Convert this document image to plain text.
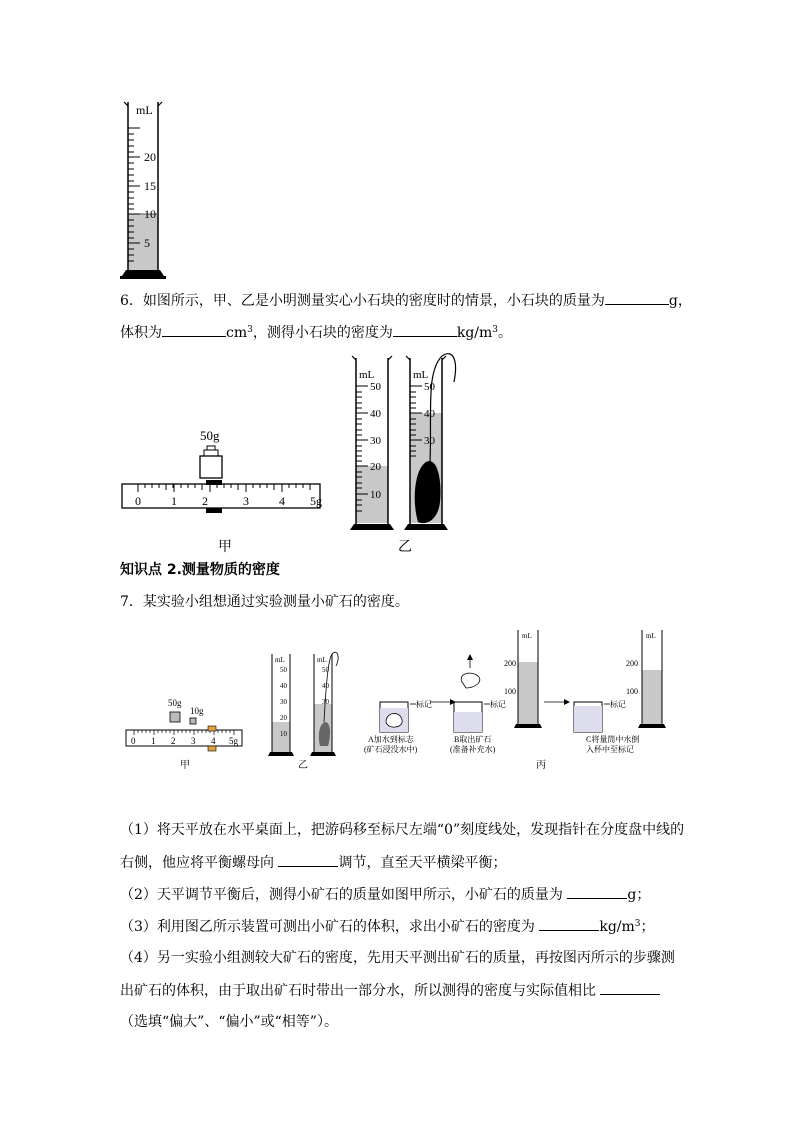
mL
20
15
10
5
6．如图所示，甲、乙是小明测量实心小石块的密度时的情景，小石块的质量为	g，
体积为	$cm^3$，测得小石块的密度为	$kg/m^3$。
50g
0	1 2	3	4 5g
甲
mL
50
40
30
20
10
mL
50
40
30
乙
知识点 2.测量物质的密度
7．某实验小组想通过实验测量小矿石的密度。
50g
10g
0 1 2 3 4 5g
甲
mL
50
40
30
20
10
mL
50
40
30
乙
标记
A加水到标志
(矿石浸没水中)
标记
B取出矿石
(准备补充水)
mL
200
100
标记
C将量筒中水倒
入杯中至标记
mL
200
100
丙
（1）将天平放在水平桌面上，把游码移至标尺左端“0”刻度线处，发现指针在分度盘中线的
右侧，他应将平衡螺母向	调节，直至天平横梁平衡；
（2）天平调节平衡后，测得小矿石的质量如图甲所示，小矿石的质量为	g；
（3）利用图乙所示装置可测出小矿石的体积，求出小矿石的密度为	$kg/m^3$；
（4）另一实验小组测较大矿石的密度，先用天平测出矿石的质量，再按图丙所示的步骤测
出矿石的体积，由于取出矿石时带出一部分水，所以测得的密度与实际值相比
（选填“偏大”、“偏小”或“相等”）。
